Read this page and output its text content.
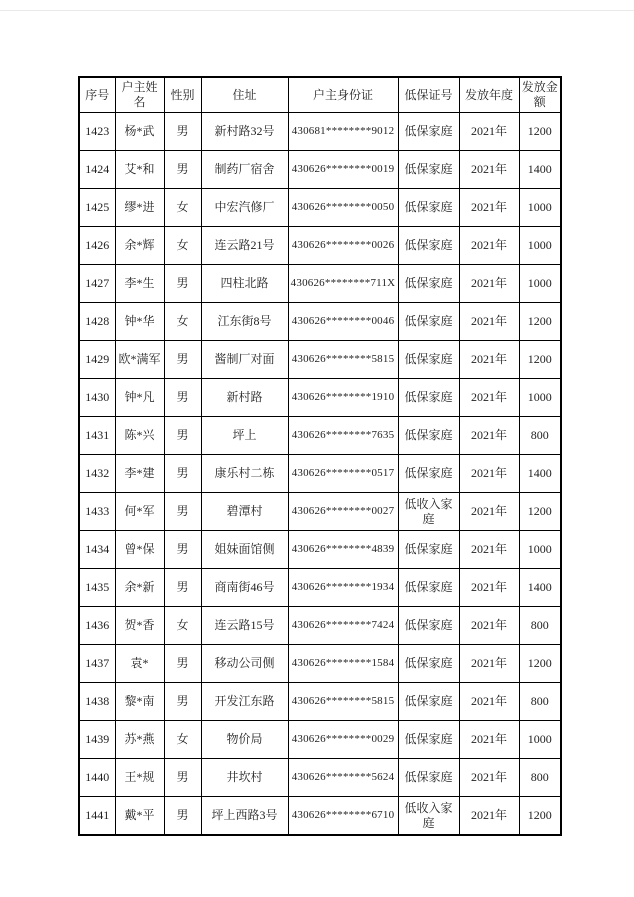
序号	户主姓名	性别	住址	户主身份证	低保证号	发放年度	发放金额
1423	杨*武	男	新村路32号	430681********9012	低保家庭	2021年	1200
1424	艾*和	男	制药厂宿舍	430626********0019	低保家庭	2021年	1400
1425	缪*进	女	中宏汽修厂	430626********0050	低保家庭	2021年	1000
1426	余*辉	女	连云路21号	430626********0026	低保家庭	2021年	1000
1427	李*生	男	四柱北路	430626********711X	低保家庭	2021年	1000
1428	钟*华	女	江东街8号	430626********0046	低保家庭	2021年	1200
1429	欧*满军	男	酱制厂对面	430626********5815	低保家庭	2021年	1200
1430	钟*凡	男	新村路	430626********1910	低保家庭	2021年	1000
1431	陈*兴	男	坪上	430626********7635	低保家庭	2021年	800
1432	李*建	男	康乐村二栋	430626********0517	低保家庭	2021年	1400
1433	何*军	男	碧潭村	430626********0027	低收入家庭	2021年	1200
1434	曾*保	男	姐妹面馆侧	430626********4839	低保家庭	2021年	1000
1435	余*新	男	商南街46号	430626********1934	低保家庭	2021年	1400
1436	贺*香	女	连云路15号	430626********7424	低保家庭	2021年	800
1437	袁*	男	移动公司侧	430626********1584	低保家庭	2021年	1200
1438	黎*南	男	开发江东路	430626********5815	低保家庭	2021年	800
1439	苏*燕	女	物价局	430626********0029	低保家庭	2021年	1000
1440	王*规	男	井坎村	430626********5624	低保家庭	2021年	800
1441	戴*平	男	坪上西路3号	430626********6710	低收入家庭	2021年	1200
